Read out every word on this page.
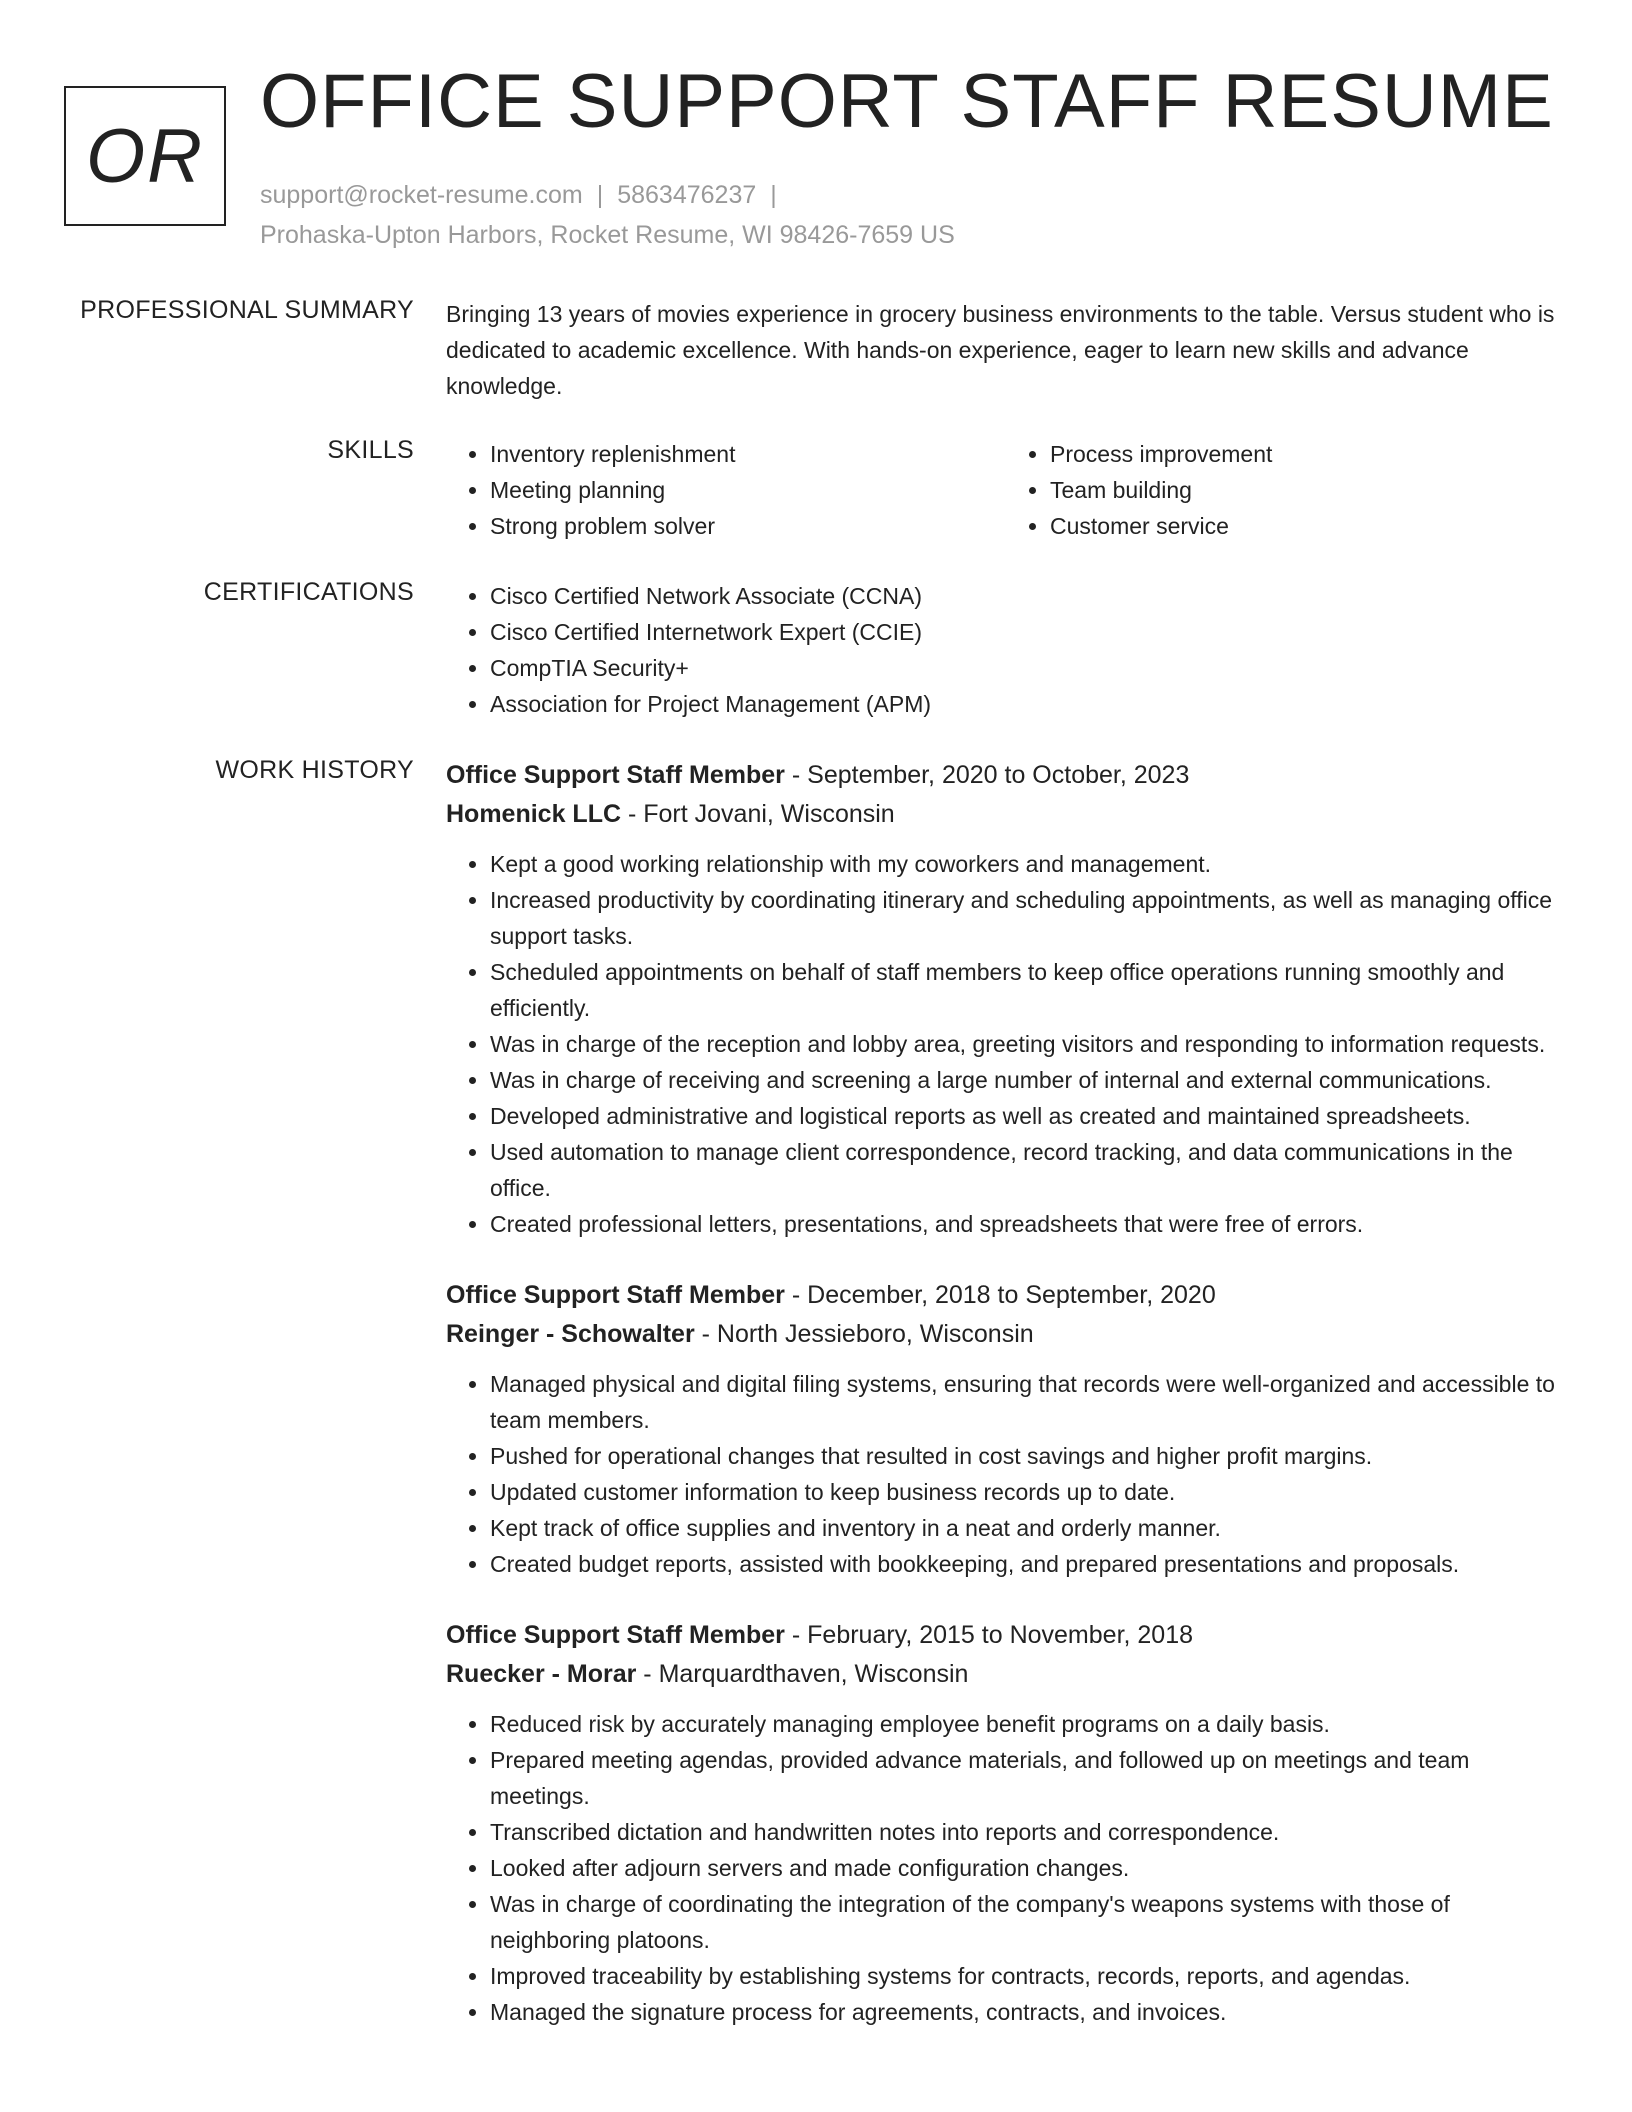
OR
OFFICE SUPPORT STAFF RESUME
support@rocket-resume.com | 5863476237 |
Prohaska-Upton Harbors, Rocket Resume, WI 98426-7659 US
PROFESSIONAL SUMMARY Bringing 13 years of movies experience in grocery business environments to the table. Versus student who is dedicated to academic excellence. With hands-on experience, eager to learn new skills and advance knowledge.

SKILLS	• Inventory replenishment
• Meeting planning
• Strong problem solver
• Process improvement
• Team building
• Customer service
CERTIFICATIONS	• Cisco Certified Network Associate (CCNA)
• Cisco Certified Internetwork Expert (CCIE)
• CompTIA Security+
• Association for Project Management (APM)
WORK HISTORY Office Support Staff Member - September, 2020 to October, 2023
Homenick LLC - Fort Jovani, Wisconsin
• Kept a good working relationship with my coworkers and management.
• Increased productivity by coordinating itinerary and scheduling appointments, as well as managing office support tasks.
• Scheduled appointments on behalf of staff members to keep office operations running smoothly and efficiently.
• Was in charge of the reception and lobby area, greeting visitors and responding to information requests.
• Was in charge of receiving and screening a large number of internal and external communications.
• Developed administrative and logistical reports as well as created and maintained spreadsheets.
• Used automation to manage client correspondence, record tracking, and data communications in the office.
• Created professional letters, presentations, and spreadsheets that were free of errors.
Office Support Staff Member - December, 2018 to September, 2020
Reinger - Schowalter - North Jessieboro, Wisconsin
• Managed physical and digital filing systems, ensuring that records were well-organized and accessible to team members.
• Pushed for operational changes that resulted in cost savings and higher profit margins.
• Updated customer information to keep business records up to date.
• Kept track of office supplies and inventory in a neat and orderly manner.
• Created budget reports, assisted with bookkeeping, and prepared presentations and proposals.
Office Support Staff Member - February, 2015 to November, 2018
Ruecker - Morar - Marquardthaven, Wisconsin
• Reduced risk by accurately managing employee benefit programs on a daily basis.
• Prepared meeting agendas, provided advance materials, and followed up on meetings and team meetings.
• Transcribed dictation and handwritten notes into reports and correspondence.
• Looked after adjourn servers and made configuration changes.
• Was in charge of coordinating the integration of the company's weapons systems with those of neighboring platoons.
• Improved traceability by establishing systems for contracts, records, reports, and agendas.
• Managed the signature process for agreements, contracts, and invoices.
